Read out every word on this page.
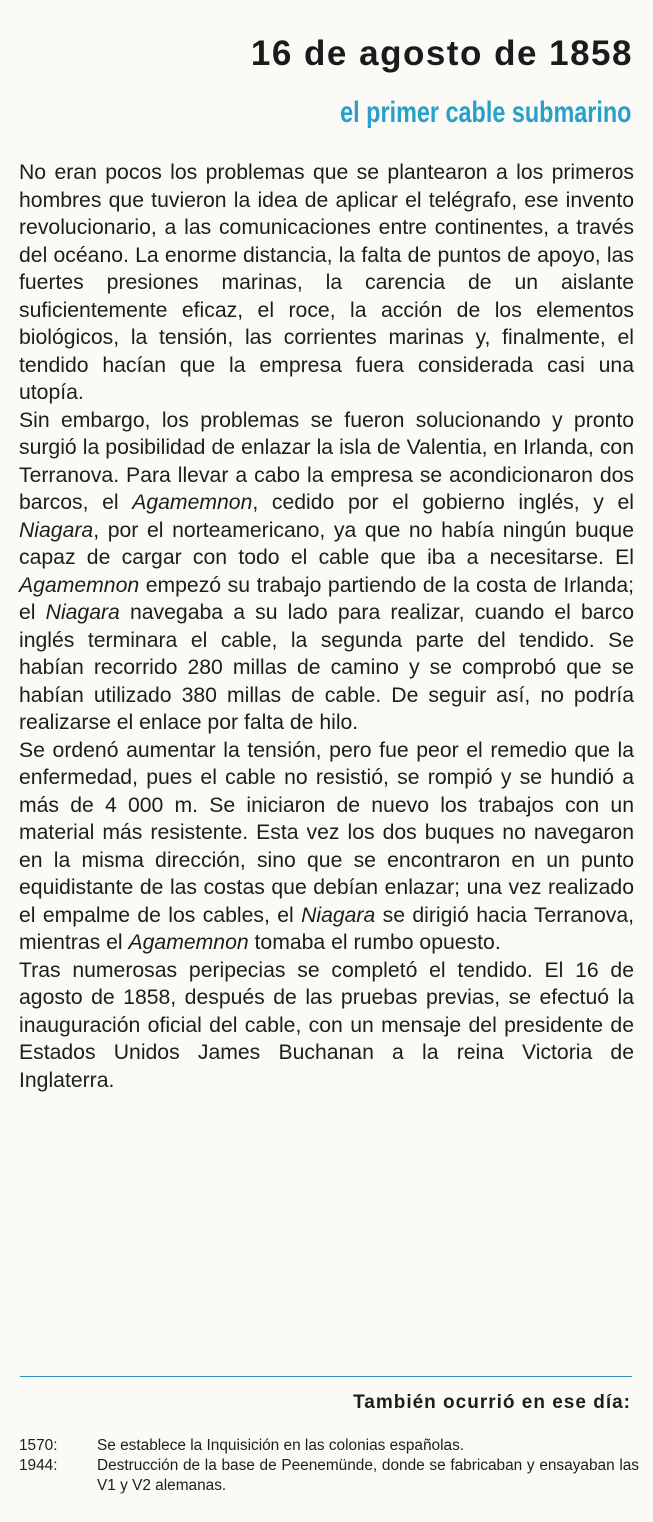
16 de agosto de 1858
el primer cable submarino

No eran pocos los problemas que se plantearon a los primeros hombres que tuvieron la idea de aplicar el telégrafo, ese invento revolucionario, a las comunicaciones entre continentes, a través del océano. La enorme distancia, la falta de puntos de apoyo, las fuertes presiones marinas, la carencia de un aislante suficientemente eficaz, el roce, la acción de los elementos biológicos, la tensión, las corrientes marinas y, finalmente, el tendido hacían que la empresa fuera considerada casi una utopía.

Sin embargo, los problemas se fueron solucionando y pronto surgió la posibilidad de enlazar la isla de Valentia, en Irlanda, con Terranova. Para llevar a cabo la empresa se acondicionaron dos barcos, el Agamemnon, cedido por el gobierno inglés, y el Niagara, por el norteamericano, ya que no había ningún buque capaz de cargar con todo el cable que iba a necesitarse. El Agamemnon empezó su trabajo partiendo de la costa de Irlanda; el Niagara navegaba a su lado para realizar, cuando el barco inglés terminara el cable, la segunda parte del tendido. Se habían recorrido 280 millas de camino y se comprobó que se habían utilizado 380 millas de cable. De seguir así, no podría realizarse el enlace por falta de hilo.

Se ordenó aumentar la tensión, pero fue peor el remedio que la enfermedad, pues el cable no resistió, se rompió y se hundió a más de 4 000 m. Se iniciaron de nuevo los trabajos con un material más resistente. Esta vez los dos buques no navegaron en la misma dirección, sino que se encontraron en un punto equidistante de las costas que debían enlazar; una vez realizado el empalme de los cables, el Niagara se dirigió hacia Terranova, mientras el Agamemnon tomaba el rumbo opuesto.

Tras numerosas peripecias se completó el tendido. El 16 de agosto de 1858, después de las pruebas previas, se efectuó la inauguración oficial del cable, con un mensaje del presidente de Estados Unidos James Buchanan a la reina Victoria de Inglaterra.

También ocurrió en ese día:
1570:	Se establece la Inquisición en las colonias españolas.
1944:	Destrucción de la base de Peenemünde, donde se fabricaban y ensayaban las V1 y V2 alemanas.
